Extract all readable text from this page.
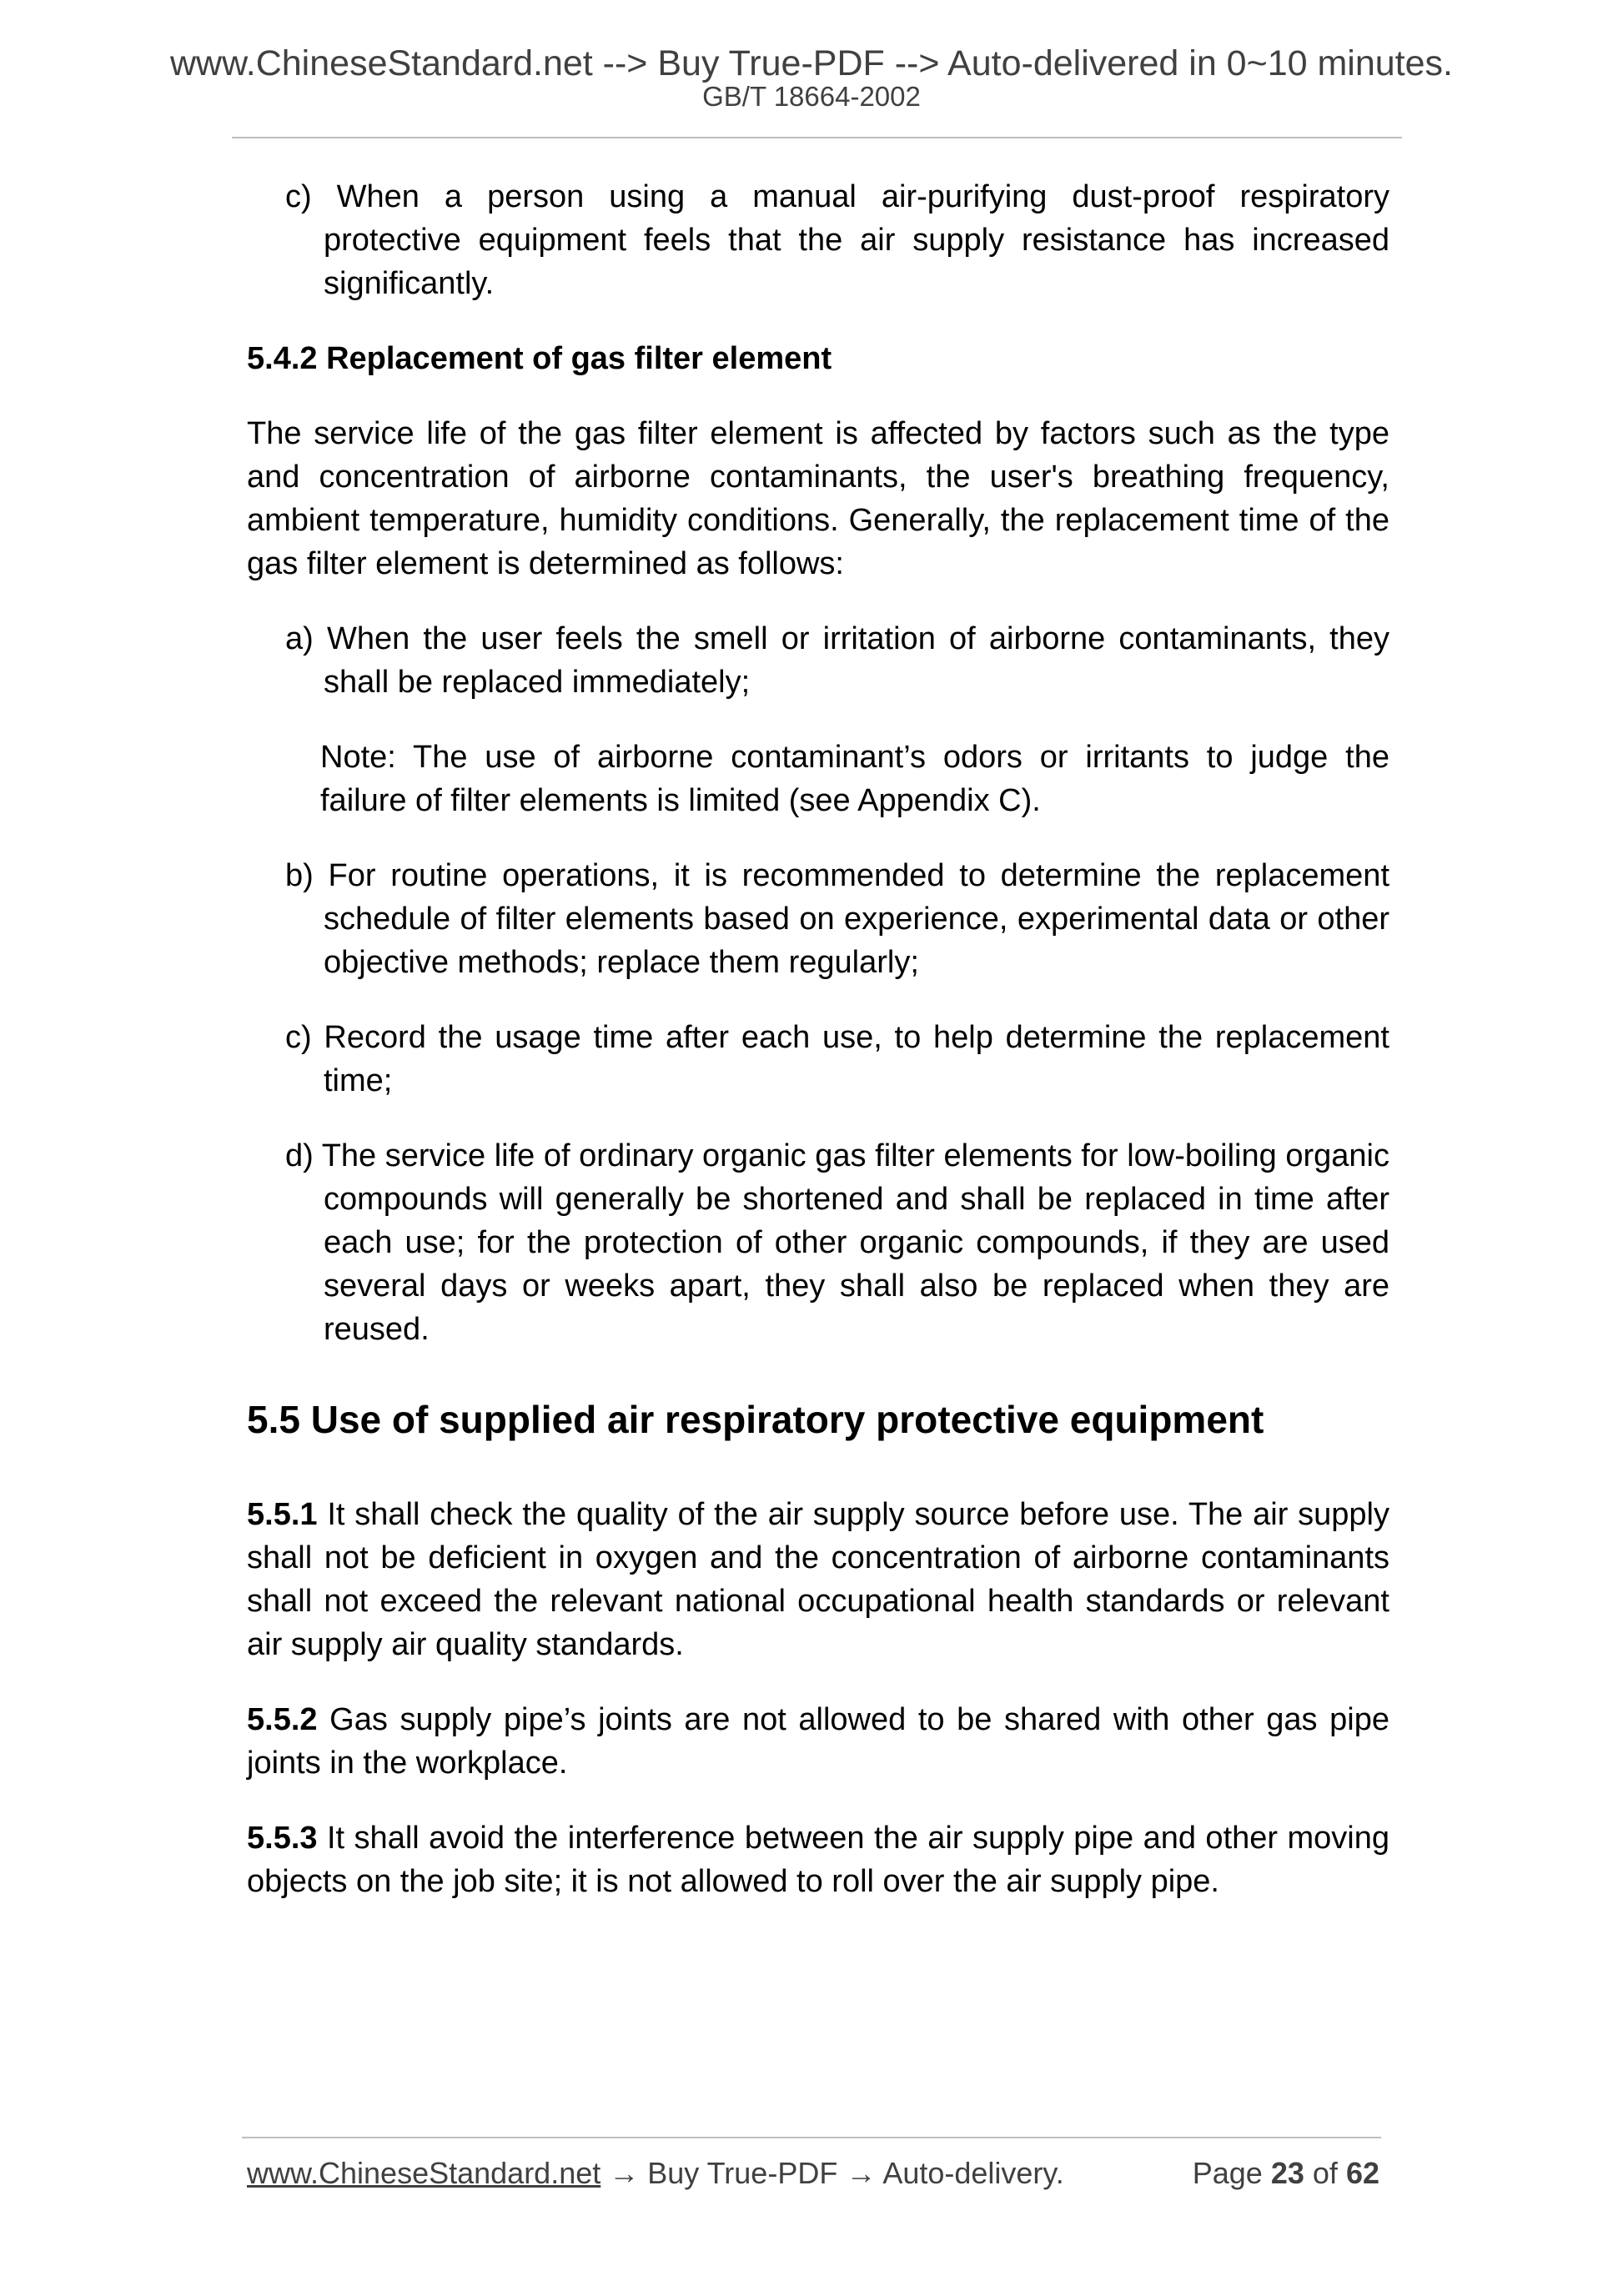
www.ChineseStandard.net --> Buy True-PDF --> Auto-delivered in 0~10 minutes.
GB/T 18664-2002

c) When a person using a manual air-purifying dust-proof respiratory protective equipment feels that the air supply resistance has increased significantly.

5.4.2 Replacement of gas filter element

The service life of the gas filter element is affected by factors such as the type and concentration of airborne contaminants, the user's breathing frequency, ambient temperature, humidity conditions. Generally, the replacement time of the gas filter element is determined as follows:

a) When the user feels the smell or irritation of airborne contaminants, they shall be replaced immediately;

Note: The use of airborne contaminant’s odors or irritants to judge the failure of filter elements is limited (see Appendix C).

b) For routine operations, it is recommended to determine the replacement schedule of filter elements based on experience, experimental data or other objective methods; replace them regularly;

c) Record the usage time after each use, to help determine the replacement time;

d) The service life of ordinary organic gas filter elements for low-boiling organic compounds will generally be shortened and shall be replaced in time after each use; for the protection of other organic compounds, if they are used several days or weeks apart, they shall also be replaced when they are reused.

5.5 Use of supplied air respiratory protective equipment

5.5.1 It shall check the quality of the air supply source before use. The air supply shall not be deficient in oxygen and the concentration of airborne contaminants shall not exceed the relevant national occupational health standards or relevant air supply air quality standards.

5.5.2 Gas supply pipe’s joints are not allowed to be shared with other gas pipe joints in the workplace.

5.5.3 It shall avoid the interference between the air supply pipe and other moving objects on the job site; it is not allowed to roll over the air supply pipe.

www.ChineseStandard.net → Buy True-PDF → Auto-delivery.	Page 23 of 62
